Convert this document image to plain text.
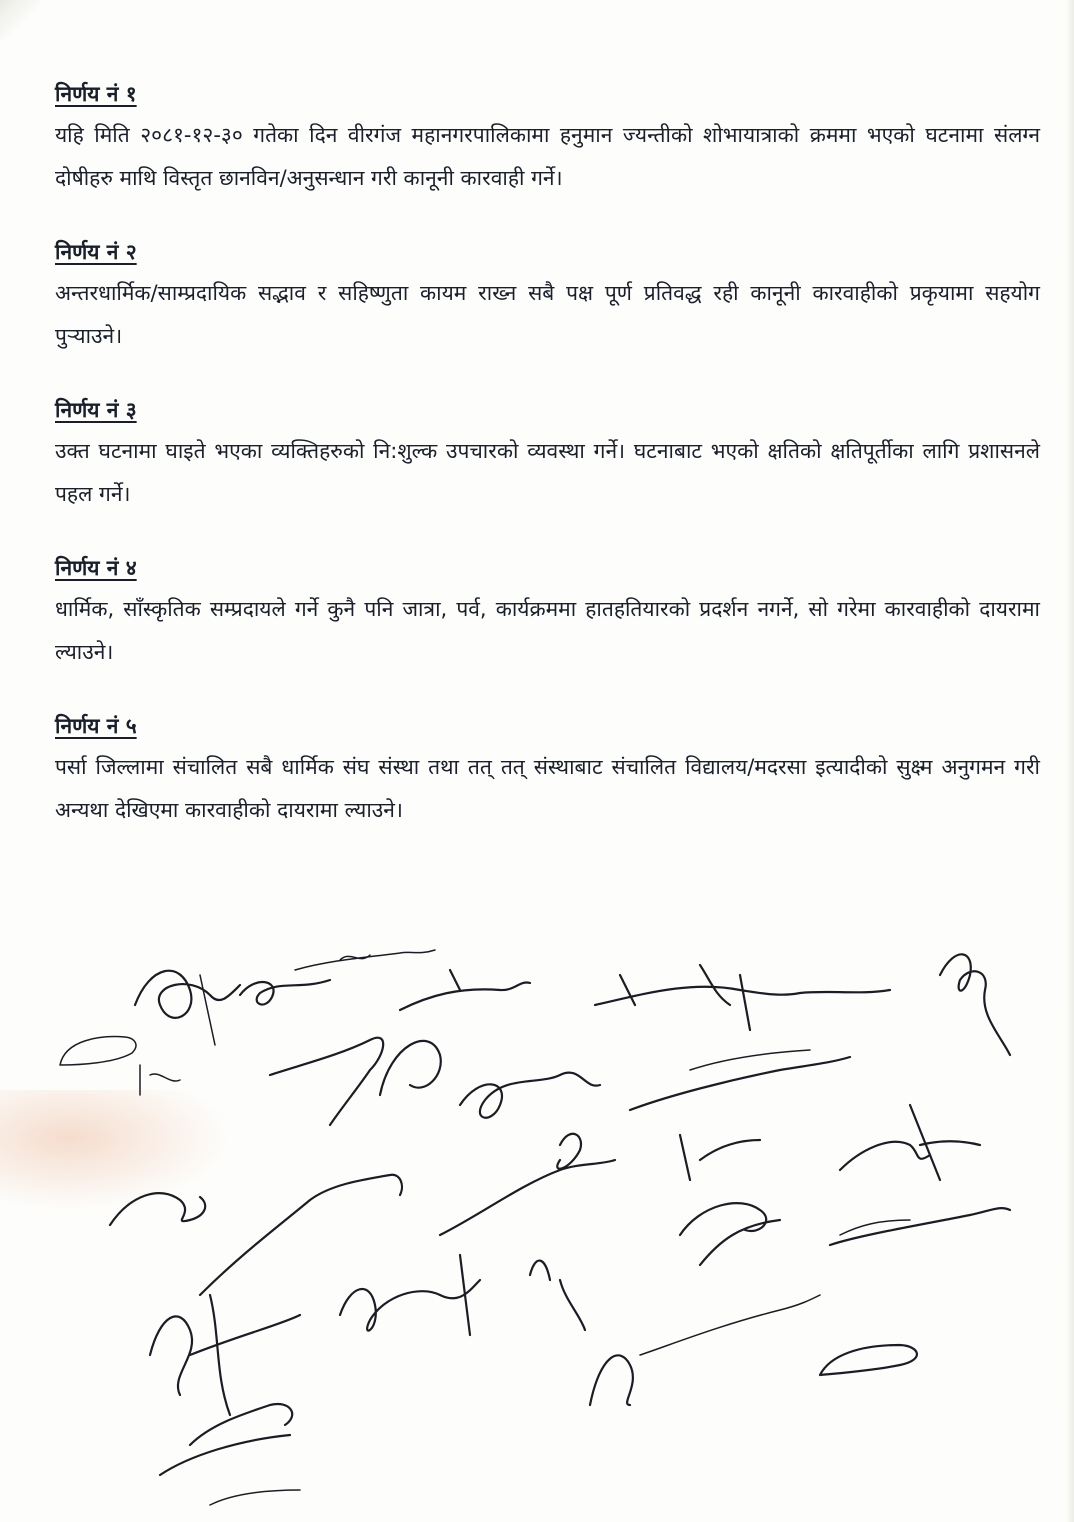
निर्णय नं १

यहि मिति २०८१-१२-३० गतेका दिन वीरगंज महानगरपालिकामा हनुमान ज्यन्तीको शोभायात्राको क्रममा भएको घटनामा संलग्न दोषीहरु माथि विस्तृत छानविन/अनुसन्धान गरी कानूनी कारवाही गर्ने।

निर्णय नं २

अन्तरधार्मिक/साम्प्रदायिक सद्भाव र सहिष्णुता कायम राख्न सबै पक्ष पूर्ण प्रतिवद्ध रही कानूनी कारवाहीको प्रकृयामा सहयोग पुऱ्याउने।

निर्णय नं ३

उक्त घटनामा घाइते भएका व्यक्तिहरुको नि:शुल्क उपचारको व्यवस्था गर्ने। घटनाबाट भएको क्षतिको क्षतिपूर्तीका लागि प्रशासनले पहल गर्ने।

निर्णय नं ४

धार्मिक, साँस्कृतिक सम्प्रदायले गर्ने कुनै पनि जात्रा, पर्व, कार्यक्रममा हातहतियारको प्रदर्शन नगर्ने, सो गरेमा कारवाहीको दायरामा ल्याउने।

निर्णय नं ५

पर्सा जिल्लामा संचालित सबै धार्मिक संघ संस्था तथा तत् तत् संस्थाबाट संचालित विद्यालय/मदरसा इत्यादीको सुक्ष्म अनुगमन गरी अन्यथा देखिएमा कारवाहीको दायरामा ल्याउने।
